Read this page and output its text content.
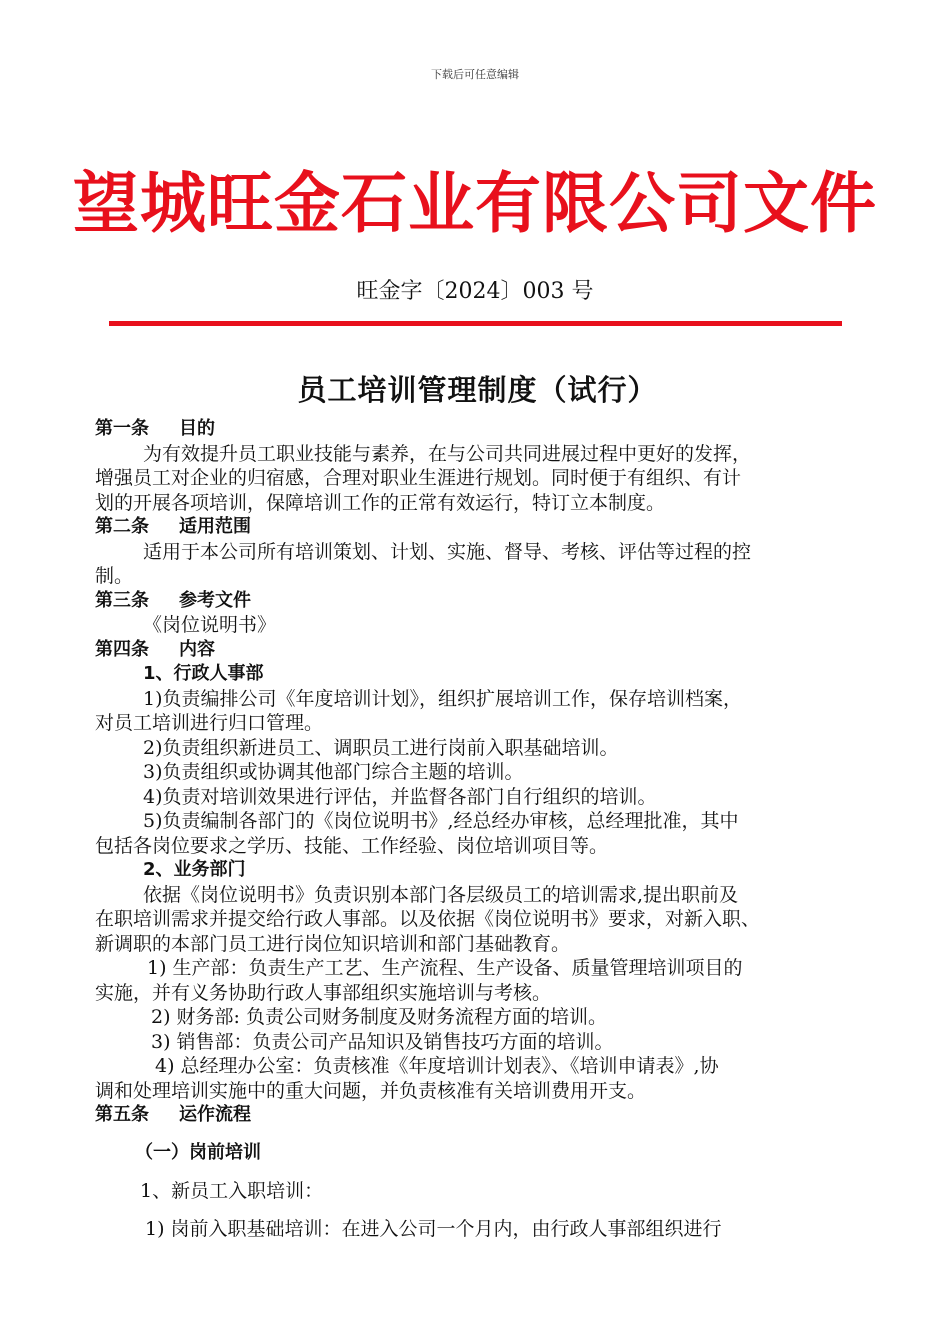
下载后可任意编辑
望城旺金石业有限公司文件
旺金字〔2024〕003 号
员工培训管理制度（试行）
第一条 目的
为有效提升员工职业技能与素养，在与公司共同进展过程中更好的发挥，
增强员工对企业的归宿感，合理对职业生涯进行规划。同时便于有组织、有计
划的开展各项培训，保障培训工作的正常有效运行，特订立本制度。
第二条 适用范围
适用于本公司所有培训策划、计划、实施、督导、考核、评估等过程的控
制。
第三条 参考文件
《岗位说明书》
第四条 内容
1、行政人事部
1)负责编排公司《年度培训计划》，组织扩展培训工作，保存培训档案，
对员工培训进行归口管理。
2)负责组织新进员工、调职员工进行岗前入职基础培训。
3)负责组织或协调其他部门综合主题的培训。
4)负责对培训效果进行评估，并监督各部门自行组织的培训。
5)负责编制各部门的《岗位说明书》,经总经办审核，总经理批准，其中
包括各岗位要求之学历、技能、工作经验、岗位培训项目等。
2、业务部门
依据《岗位说明书》负责识别本部门各层级员工的培训需求,提出职前及
在职培训需求并提交给行政人事部。以及依据《岗位说明书》要求，对新入职、
新调职的本部门员工进行岗位知识培训和部门基础教育。
1) 生产部：负责生产工艺、生产流程、生产设备、质量管理培训项目的
实施，并有义务协助行政人事部组织实施培训与考核。
2) 财务部: 负责公司财务制度及财务流程方面的培训。
3) 销售部：负责公司产品知识及销售技巧方面的培训。
4) 总经理办公室：负责核准《年度培训计划表》、《培训申请表》,协
调和处理培训实施中的重大问题，并负责核准有关培训费用开支。
第五条 运作流程
（一）岗前培训
1、新员工入职培训：
1) 岗前入职基础培训：在进入公司一个月内，由行政人事部组织进行
